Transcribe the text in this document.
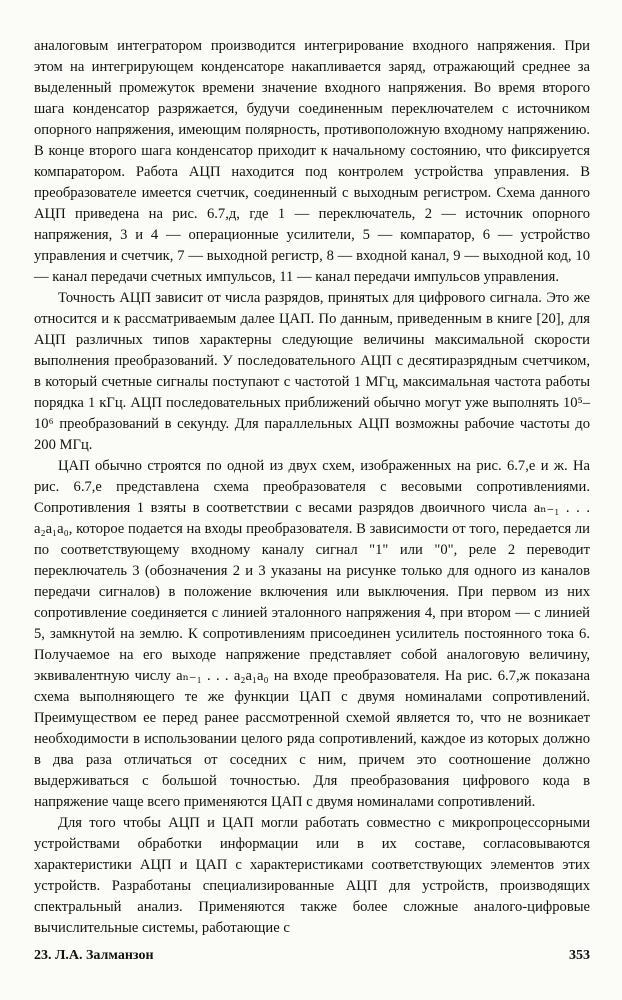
аналоговым интегратором производится интегрирование входного напряжения. При этом на интегрирующем конденсаторе накапливается заряд, отражающий среднее за выделенный промежуток времени значение входного напряжения. Во время второго шага конденсатор разряжается, будучи соединенным переключателем с источником опорного напряжения, имеющим полярность, противоположную входному напряжению. В конце второго шага конденсатор приходит к начальному состоянию, что фиксируется компаратором. Работа АЦП находится под контролем устройства управления. В преобразователе имеется счетчик, соединенный с выходным регистром. Схема данного АЦП приведена на рис. 6.7,д, где 1 — переключатель, 2 — источник опорного напряжения, 3 и 4 — операционные усилители, 5 — компаратор, 6 — устройство управления и счетчик, 7 — выходной регистр, 8 — входной канал, 9 — выходной код, 10 — канал передачи счетных импульсов, 11 — канал передачи импульсов управления.

Точность АЦП зависит от числа разрядов, принятых для цифрового сигнала. Это же относится и к рассматриваемым далее ЦАП. По данным, приведенным в книге [20], для АЦП различных типов характерны следующие величины максимальной скорости выполнения преобразований. У последовательного АЦП с десятиразрядным счетчиком, в который счетные сигналы поступают с частотой 1 МГц, максимальная частота работы порядка 1 кГц. АЦП последовательных приближений обычно могут уже выполнять 10⁵–10⁶ преобразований в секунду. Для параллельных АЦП возможны рабочие частоты до 200 МГц.

ЦАП обычно строятся по одной из двух схем, изображенных на рис. 6.7,е и ж. На рис. 6.7,е представлена схема преобразователя с весовыми сопротивлениями. Сопротивления 1 взяты в соответствии с весами разрядов двоичного числа aₙ₋₁ . . . a₂a₁a₀, которое подается на входы преобразователя. В зависимости от того, передается ли по соответствующему входному каналу сигнал "1" или "0", реле 2 переводит переключатель 3 (обозначения 2 и 3 указаны на рисунке только для одного из каналов передачи сигналов) в положение включения или выключения. При первом из них сопротивление соединяется с линией эталонного напряжения 4, при втором — с линией 5, замкнутой на землю. К сопротивлениям присоединен усилитель постоянного тока 6. Получаемое на его выходе напряжение представляет собой аналоговую величину, эквивалентную числу aₙ₋₁ . . . a₂a₁a₀ на входе преобразователя. На рис. 6.7,ж показана схема выполняющего те же функции ЦАП с двумя номиналами сопротивлений. Преимуществом ее перед ранее рассмотренной схемой является то, что не возникает необходимости в использовании целого ряда сопротивлений, каждое из которых должно в два раза отличаться от соседних с ним, причем это соотношение должно выдерживаться с большой точностью. Для преобразования цифрового кода в напряжение чаще всего применяются ЦАП с двумя номиналами сопротивлений.

Для того чтобы АЦП и ЦАП могли работать совместно с микропроцессорными устройствами обработки информации или в их составе, согласовываются характеристики АЦП и ЦАП с характеристиками соответствующих элементов этих устройств. Разработаны специализированные АЦП для устройств, производящих спектральный анализ. Применяются также более сложные аналого-цифровые вычислительные системы, работающие с

23. Л.А. Залманзон	353
